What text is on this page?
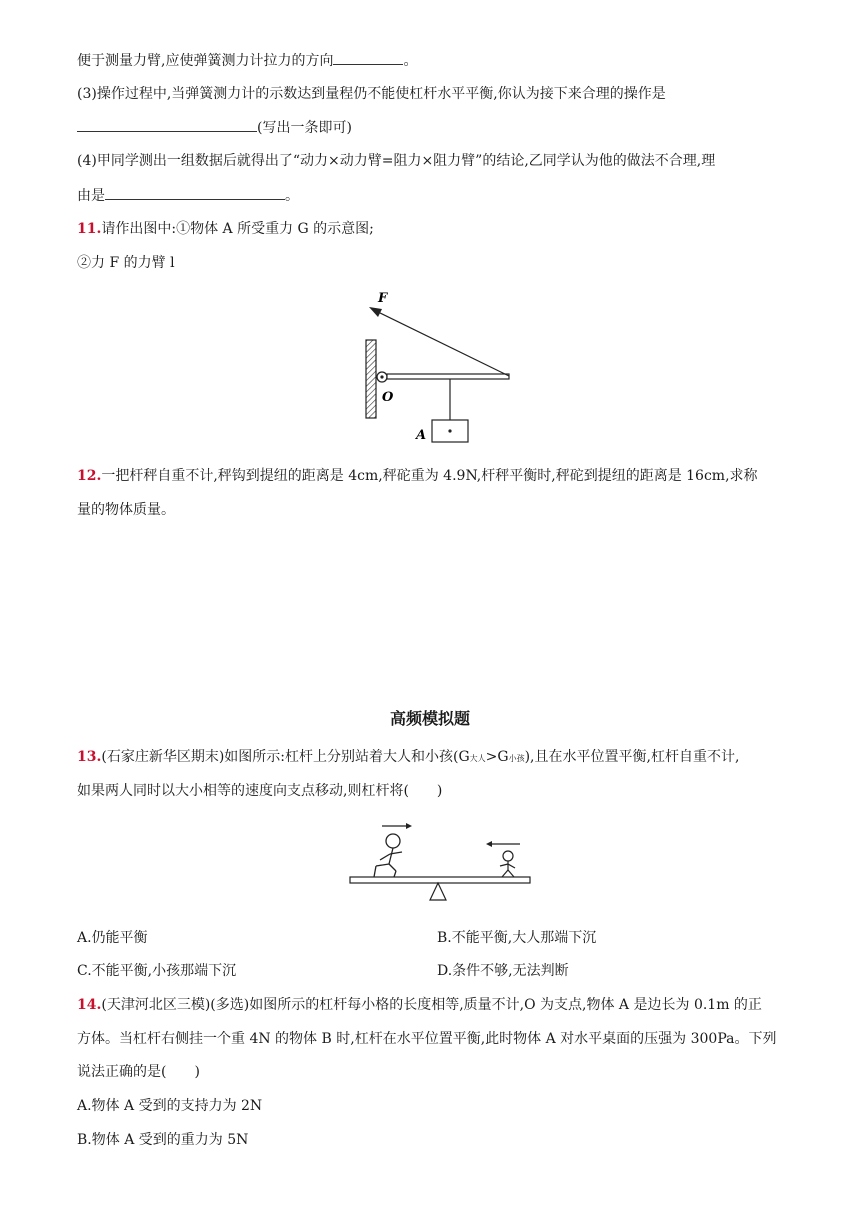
便于测量力臂,应使弹簧测力计拉力的方向	。
(3)操作过程中,当弹簧测力计的示数达到量程仍不能使杠杆水平平衡,你认为接下来合理的操作是
(写出一条即可)
(4)甲同学测出一组数据后就得出了“动力×动力臂=阻力×阻力臂”的结论,乙同学认为他的做法不合理,理
由是	。
11.请作出图中:①物体 A 所受重力 G 的示意图;
②力 F 的力臂 l
F
O
A
12.一把杆秤自重不计,秤钩到提纽的距离是 4cm,秤砣重为 4.9N,杆秤平衡时,秤砣到提纽的距离是 16cm,求称
量的物体质量。
高频模拟题
13.(石家庄新华区期末)如图所示:杠杆上分别站着大人和小孩(G大人>G小孩),且在水平位置平衡,杠杆自重不计,
如果两人同时以大小相等的速度向支点移动,则杠杆将(　　)
A.仍能平衡	B.不能平衡,大人那端下沉
C.不能平衡,小孩那端下沉	D.条件不够,无法判断
14.(天津河北区三模)(多选)如图所示的杠杆每小格的长度相等,质量不计,O 为支点,物体 A 是边长为 0.1m 的正
方体。当杠杆右侧挂一个重 4N 的物体 B 时,杠杆在水平位置平衡,此时物体 A 对水平桌面的压强为 300Pa。下列
说法正确的是(　　)
A.物体 A 受到的支持力为 2N
B.物体 A 受到的重力为 5N
